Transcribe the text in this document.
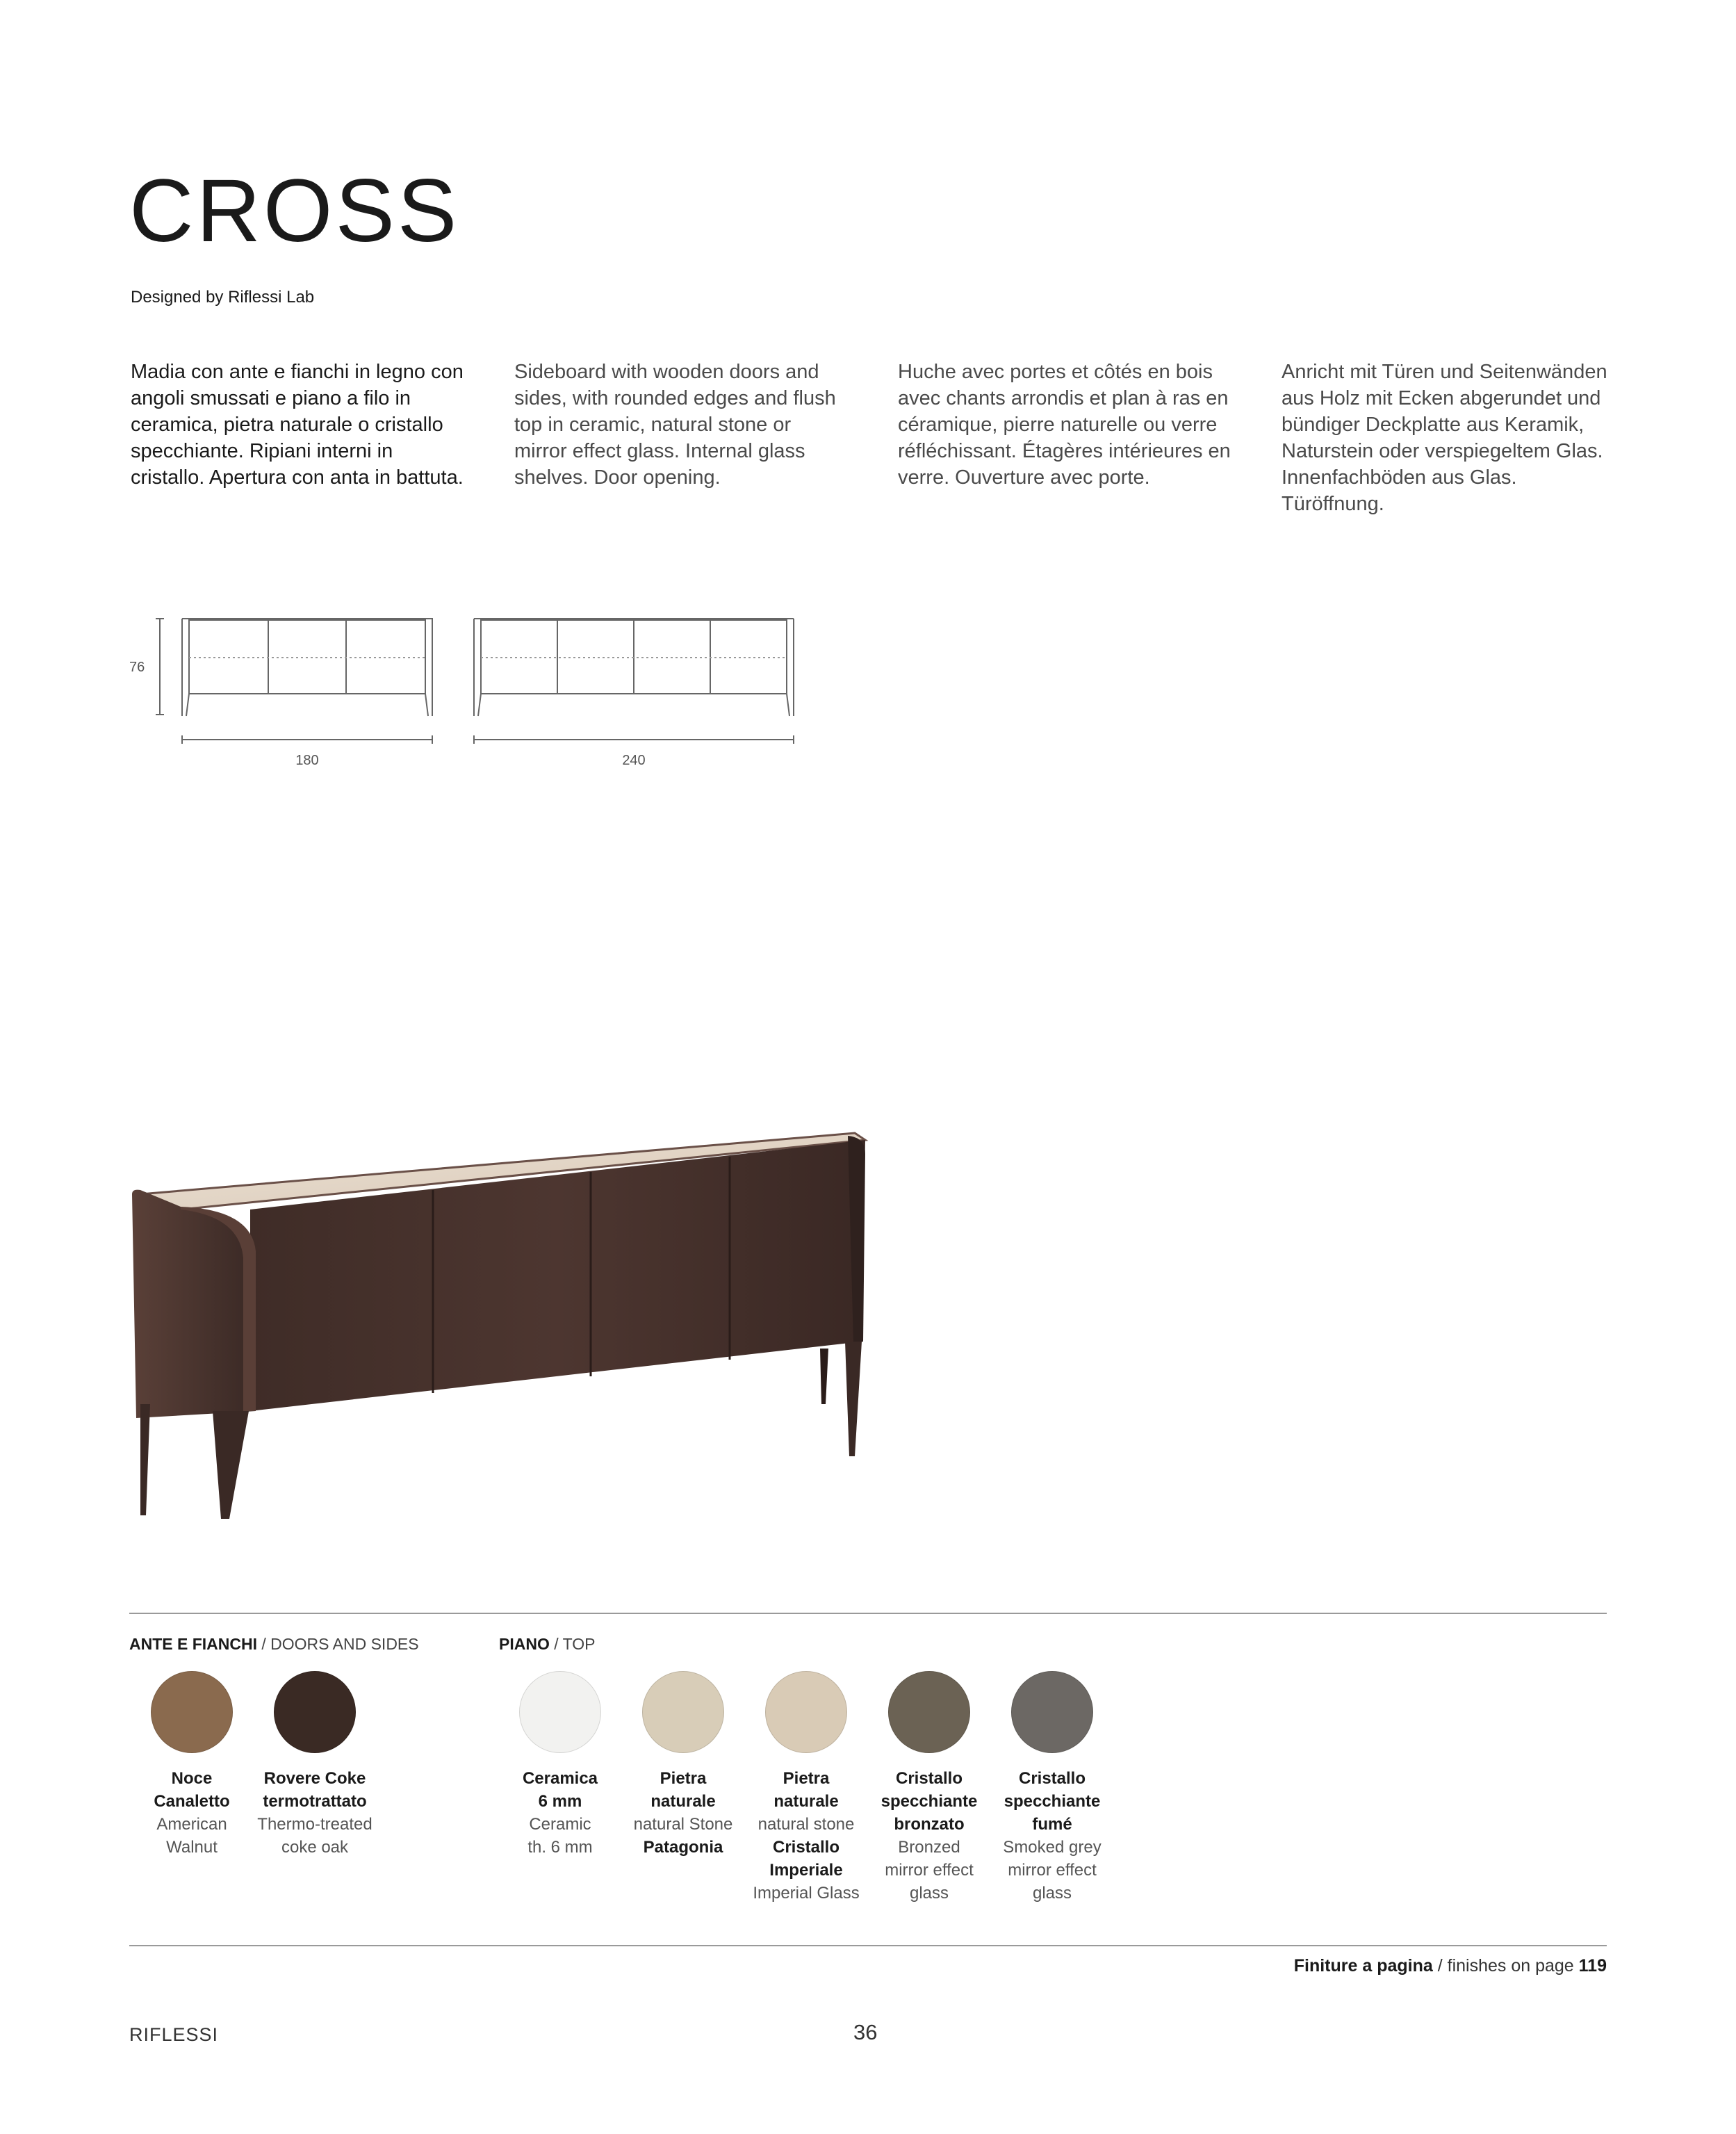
CROSS
Designed by Riflessi Lab
Madia con ante e fianchi in legno con angoli smussati e piano a filo in ceramica, pietra naturale o cristallo specchiante. Ripiani interni in cristallo. Apertura con anta in battuta.
Sideboard with wooden doors and sides, with rounded edges and flush top in ceramic, natural stone or mirror effect glass. Internal glass shelves. Door opening.
Huche avec portes et côtés en bois avec chants arrondis et plan à ras en céramique, pierre naturelle ou verre réfléchissant. Étagères intérieures en verre. Ouverture avec porte.
Anricht mit Türen und Seitenwänden aus Holz mit Ecken abgerundet und bündiger Deckplatte aus Keramik, Naturstein oder verspiegeltem Glas. Innenfachböden aus Glas. Türöffnung.
76
180	240
ANTE E FIANCHI / DOORS AND SIDES	PIANO / TOP
Noce
Canaletto
American
Walnut
Rovere Coke
termotrattato
Thermo-treated
coke oak
Ceramica
6 mm
Ceramic
th. 6 mm
Pietra
naturale
natural Stone
Patagonia
Pietra
naturale
natural stone
Cristallo
Imperiale
Imperial Glass
Cristallo
specchiante
bronzato
Bronzed
mirror effect
glass
Cristallo
specchiante
fumé
Smoked grey
mirror effect
glass
Finiture a pagina / finishes on page 119
RIFLESSI	36
